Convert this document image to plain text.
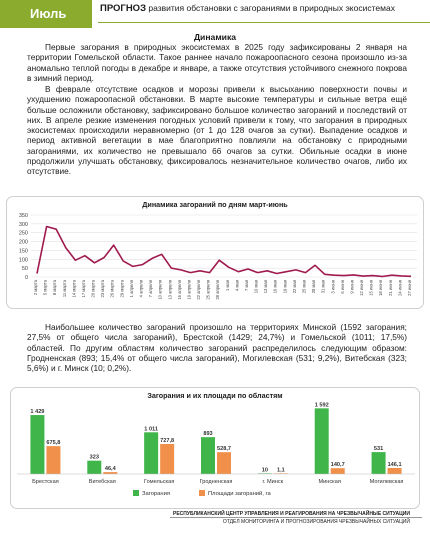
Июль	ПРОГНОЗ развития обстановки с загораниями в природных экосистемах
Динамика

Первые загорания в природных экосистемах в 2025 году зафиксированы 2 января на территории Гомельской области. Такое раннее начало пожароопасного сезона произошло из-за аномально теплой погоды в декабре и январе, а также отсутствия устойчивого снежного покрова в зимний период.

В феврале отсутствие осадков и морозы привели к высыханию поверхности почвы и ухудшению пожароопасной обстановки. В марте высокие температуры и сильные ветра ещё больше осложнили обстановку, зафиксировано большое количество загораний и последствий от них. В апреле резкие изменения погодных условий привели к тому, что загорания в природных экосистемах происходили неравномерно (от 1 до 128 очагов за сутки). Выпадение осадков и период активной вегетации в мае благоприятно повлияли на обстановку с природными загораниями, их количество не превышало 66 очагов за сутки. Обильные осадки в июне продолжили улучшать обстановку, фиксировалось незначительное количество очагов, либо их отсутствие.

Динамика загораний по дням март-июнь
0
50
100
150
200
250
300
350
2 марта 5 марта 8 марта 11 марта 14 марта 17 марта 20 марта 23 марта 26 марта 29 марта 1 апреля 4 апреля 7 апреля 10 апреля 13 апреля 16 апреля 19 апреля 22 апреля 25 апреля 28 апреля 1 мая 4 мая 7 мая 10 мая 13 мая 16 мая 19 мая 22 мая 25 мая 28 мая 31 мая 3 июня 6 июня 9 июня 12 июня 15 июня 18 июня 21 июня 24 июня 27 июня

Наибольшее количество загораний произошло на территориях Минской (1592 загорания; 27,5% от общего числа загораний), Брестской (1429; 24,7%) и Гомельской (1011; 17,5%) областей. По другим областям количество загораний распределилось следующим образом: Гродненская (893; 15,4% от общего числа загораний), Могилевская (531; 9,2%), Витебская (323; 5,6%) и г. Минск (10; 0,2%).

Загорания и их площади по областям
1 429
675,8
Брестская
323
46,4
Витебская
1 011
727,8
Гомельская
893
528,7
Гродненская
10 1,1
г. Минск
1 592
140,7
Минская
531
146,1
Могилевская
Загорания	Площади загораний, га
РЕСПУБЛИКАНСКИЙ ЦЕНТР УПРАВЛЕНИЯ И РЕАГИРОВАНИЯ НА ЧРЕЗВЫЧАЙНЫЕ СИТУАЦИИ
ОТДЕЛ МОНИТОРИНГА И ПРОГНОЗИРОВАНИЯ ЧРЕЗВЫЧАЙНЫХ СИТУАЦИЙ
